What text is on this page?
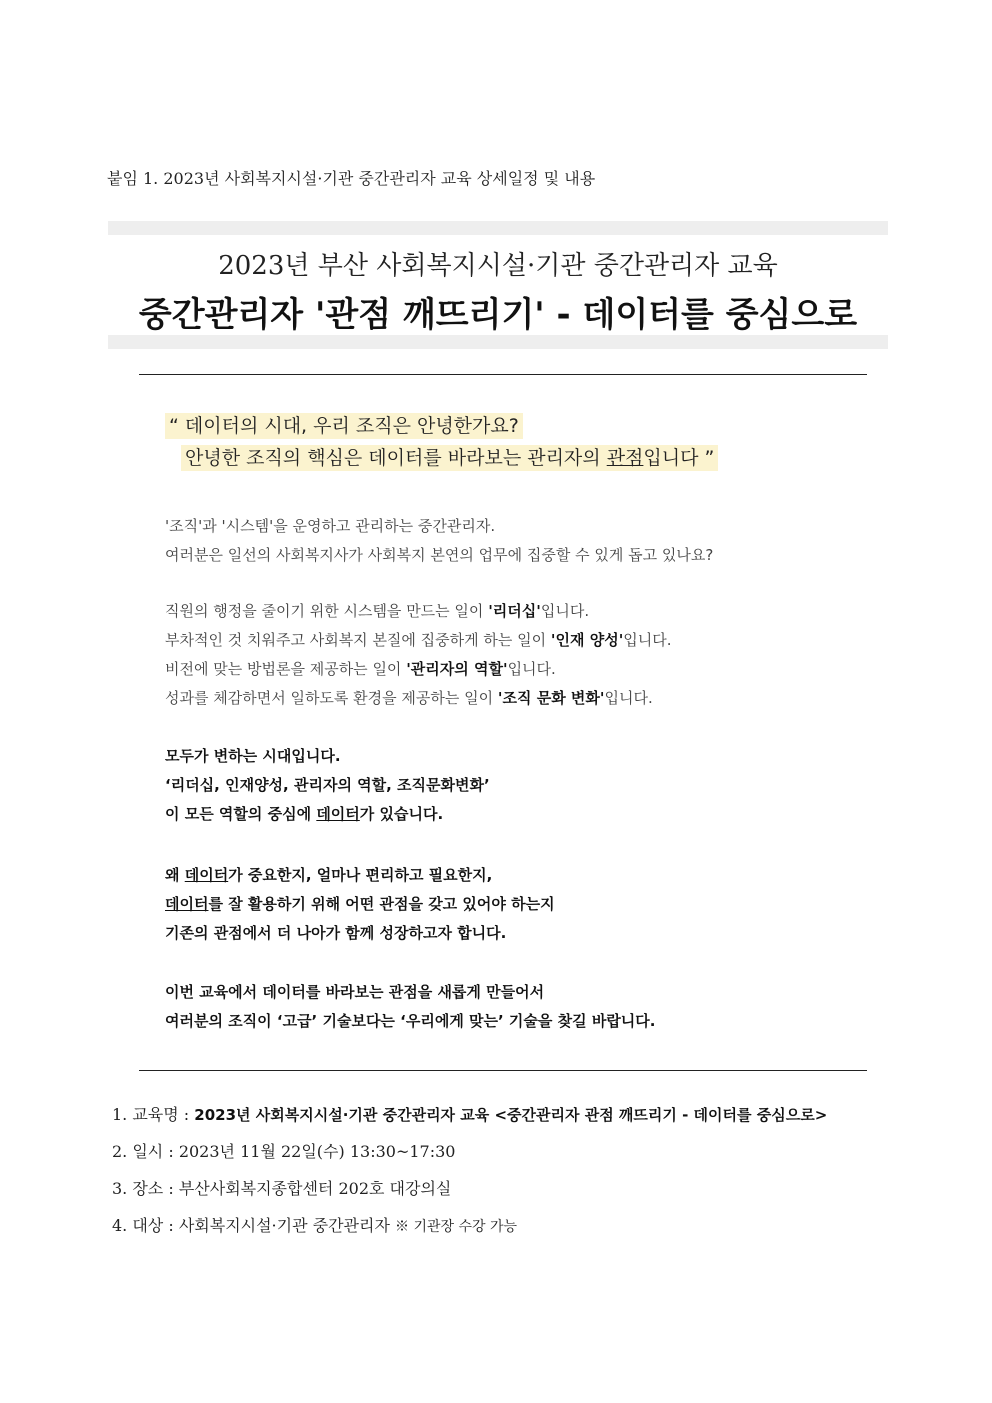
붙임 1. 2023년 사회복지시설·기관 중간관리자 교육 상세일정 및 내용
2023년 부산 사회복지시설·기관 중간관리자 교육
중간관리자 '관점 깨뜨리기' - 데이터를 중심으로
“ 데이터의 시대, 우리 조직은 안녕한가요?
안녕한 조직의 핵심은 데이터를 바라보는 관리자의 관점입니다 ”

'조직'과 '시스템'을 운영하고 관리하는 중간관리자.

여러분은 일선의 사회복지사가 사회복지 본연의 업무에 집중할 수 있게 돕고 있나요?

직원의 행정을 줄이기 위한 시스템을 만드는 일이 '리더십'입니다.

부차적인 것 치워주고 사회복지 본질에 집중하게 하는 일이 '인재 양성'입니다.

비전에 맞는 방법론을 제공하는 일이 '관리자의 역할'입니다.

성과를 체감하면서 일하도록 환경을 제공하는 일이 '조직 문화 변화'입니다.

모두가 변하는 시대입니다.

‘리더십, 인재양성, 관리자의 역할, 조직문화변화’

이 모든 역할의 중심에 데이터가 있습니다.

왜 데이터가 중요한지, 얼마나 편리하고 필요한지,

데이터를 잘 활용하기 위해 어떤 관점을 갖고 있어야 하는지

기존의 관점에서 더 나아가 함께 성장하고자 합니다.

이번 교육에서 데이터를 바라보는 관점을 새롭게 만들어서

여러분의 조직이 ‘고급’ 기술보다는 ‘우리에게 맞는’ 기술을 찾길 바랍니다.

1. 교육명 : 2023년 사회복지시설·기관 중간관리자 교육 <중간관리자 관점 깨뜨리기 - 데이터를 중심으로>

2. 일시 : 2023년 11월 22일(수) 13:30~17:30

3. 장소 : 부산사회복지종합센터 202호 대강의실

4. 대상 : 사회복지시설·기관 중간관리자 ※ 기관장 수강 가능
